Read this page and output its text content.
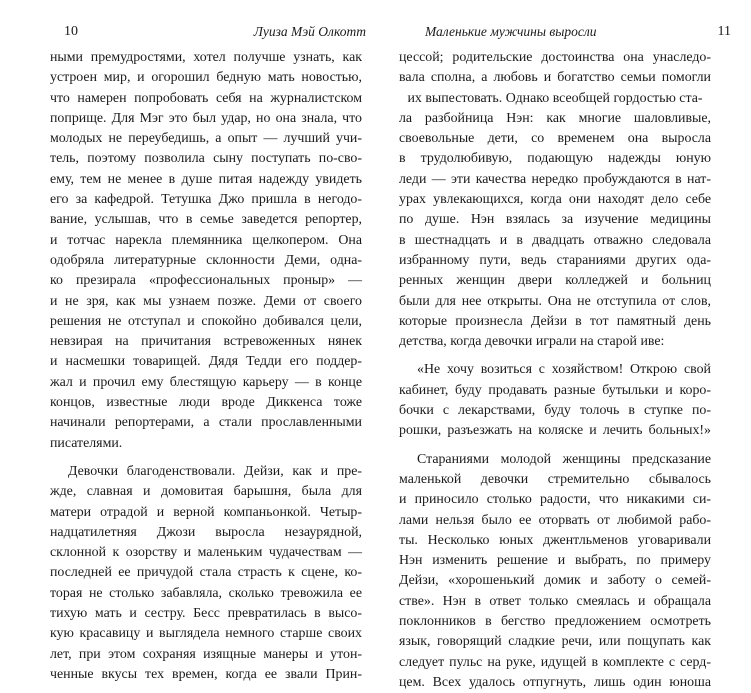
10	Луиза Мэй Олкотт
ными премудростями, хотел получше узнать, как
устроен мир, и огорошил бедную мать новостью,
что намерен попробовать себя на журналистском
поприще. Для Мэг это был удар, но она знала, что
молодых не переубедишь, а опыт — лучший учи-
тель, поэтому позволила сыну поступать по-сво-
ему, тем не менее в душе питая надежду увидеть
его за кафедрой. Тетушка Джо пришла в негодо-
вание, услышав, что в семье заведется репортер,
и тотчас нарекла племянника щелкопером. Она
одобряла литературные склонности Деми, одна-
ко презирала «профессиональных проныр» —
и не зря, как мы узнаем позже. Деми от своего
решения не отступал и спокойно добивался цели,
невзирая на причитания встревоженных нянек
и насмешки товарищей. Дядя Тедди его поддер-
жал и прочил ему блестящую карьеру — в конце
концов, известные люди вроде Диккенса тоже
начинали репортерами, а стали прославленными
писателями.
Девочки благоденствовали. Дейзи, как и пре-
жде, славная и домовитая барышня, была для
матери отрадой и верной компаньонкой. Четыр-
надцатилетняя Джози выросла незаурядной,
склонной к озорству и маленьким чудачествам —
последней ее причудой стала страсть к сцене, ко-
торая не столько забавляла, сколько тревожила ее
тихую мать и сестру. Бесс превратилась в высо-
кую красавицу и выглядела немного старше своих
лет, при этом сохраняя изящные манеры и утон-
ченные вкусы тех времен, когда ее звали Прин-
Маленькие мужчины выросли	11
цессой; родительские достоинства она унаследо-
вала сполна, а любовь и богатство семьи помогли
их выпестовать. Однако всеобщей гордостью ста-
ла разбойница Нэн: как многие шаловливые,
своевольные дети, со временем она выросла
в трудолюбивую, подающую надежды юную
леди — эти качества нередко пробуждаются в нат-
урах увлекающихся, когда они находят дело себе
по душе. Нэн взялась за изучение медицины
в шестнадцать и в двадцать отважно следовала
избранному пути, ведь стараниями других ода-
ренных женщин двери колледжей и больниц
были для нее открыты. Она не отступила от слов,
которые произнесла Дейзи в тот памятный день
детства, когда девочки играли на старой иве:
«Не хочу возиться с хозяйством! Открою свой
кабинет, буду продавать разные бутыльки и коро-
бочки с лекарствами, буду толочь в ступке по-
рошки, разъезжать на коляске и лечить больных!»
Стараниями молодой женщины предсказание
маленькой девочки стремительно сбывалось
и приносило столько радости, что никакими си-
лами нельзя было ее оторвать от любимой рабо-
ты. Несколько юных джентльменов уговаривали
Нэн изменить решение и выбрать, по примеру
Дейзи, «хорошенький домик и заботу о семей-
стве». Нэн в ответ только смеялась и обращала
поклонников в бегство предложением осмотреть
язык, говорящий сладкие речи, или пощупать как
следует пульс на руке, идущей в комплекте с серд-
цем. Всех удалось отпугнуть, лишь один юноша
